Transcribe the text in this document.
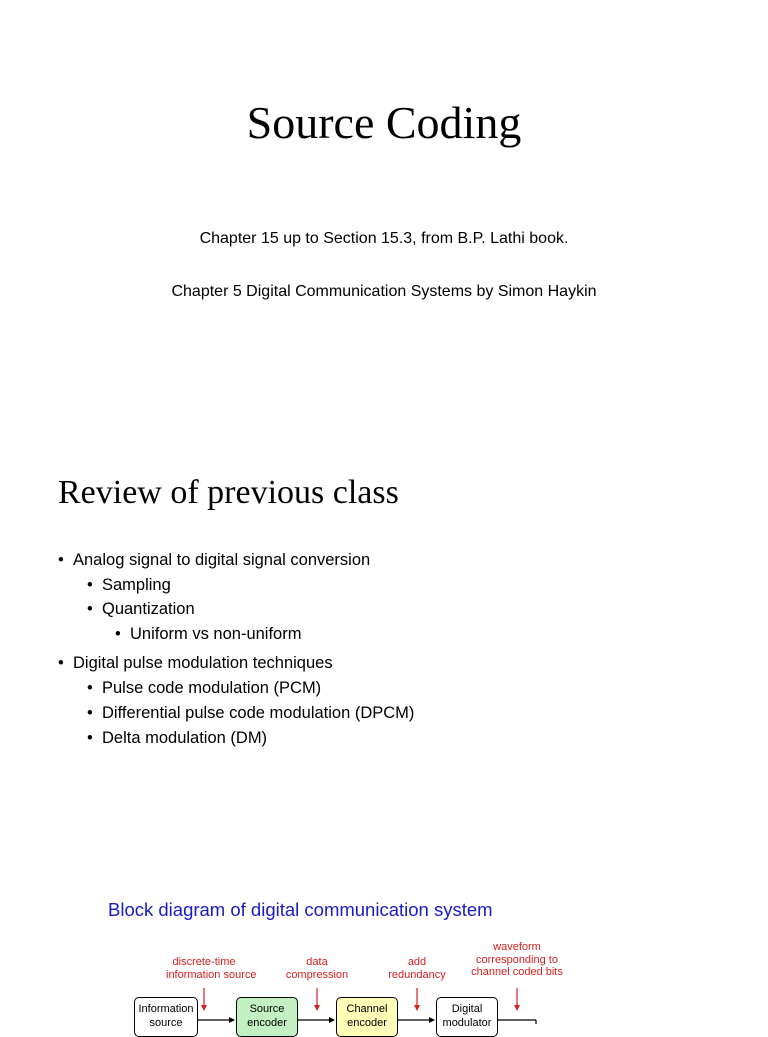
Source Coding
Chapter 15 up to Section 15.3, from B.P. Lathi book.
Chapter 5 Digital Communication Systems by Simon Haykin
Review of previous class
• Analog signal to digital signal conversion
• Sampling
• Quantization
• Uniform vs non-uniform
• Digital pulse modulation techniques
• Pulse code modulation (PCM)
• Differential pulse code modulation (DPCM)
• Delta modulation (DM)
Block diagram of digital communication system
discrete-time
information source
data
compression
add
redundancy
waveform
corresponding to
channel coded bits
Information
source
Source
encoder
Channel
encoder
Digital
modulator
